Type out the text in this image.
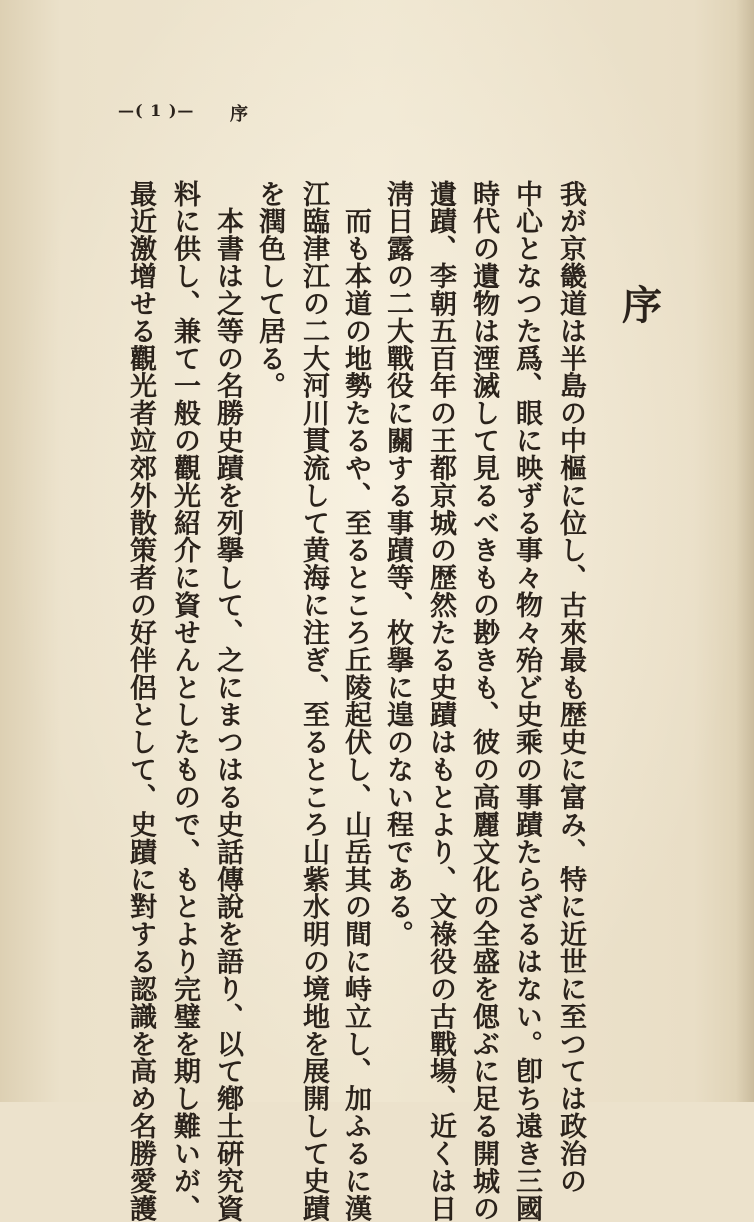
—( 1 )— 序
序
我が京畿道は半島の中樞に位し、古來最も歴史に富み、特に近世に至つては政治の
中心となつた爲、眼に映ずる事々物々殆ど史乘の事蹟たらざるはない。卽ち遠き三國
時代の遺物は湮滅して見るべきもの尠きも、彼の高麗文化の全盛を偲ぶに足る開城の
遺蹟、李朝五百年の王都京城の歴然たる史蹟はもとより、文祿役の古戰場、近くは日
淸日露の二大戰役に關する事蹟等、枚擧に遑のない程である。
　而も本道の地勢たるや、至るところ丘陵起伏し、山岳其の間に峙立し、加ふるに漢
江臨津江の二大河川貫流して黄海に注ぎ、至るところ山紫水明の境地を展開して史蹟
を潤色して居る。
　本書は之等の名勝史蹟を列擧して、之にまつはる史話傳說を語り、以て鄕土硏究資
料に供し、兼て一般の觀光紹介に資せんとしたもので、もとより完璧を期し難いが、
最近激增せる觀光者竝郊外散策者の好伴侶として、史蹟に對する認識を高め名勝愛護
